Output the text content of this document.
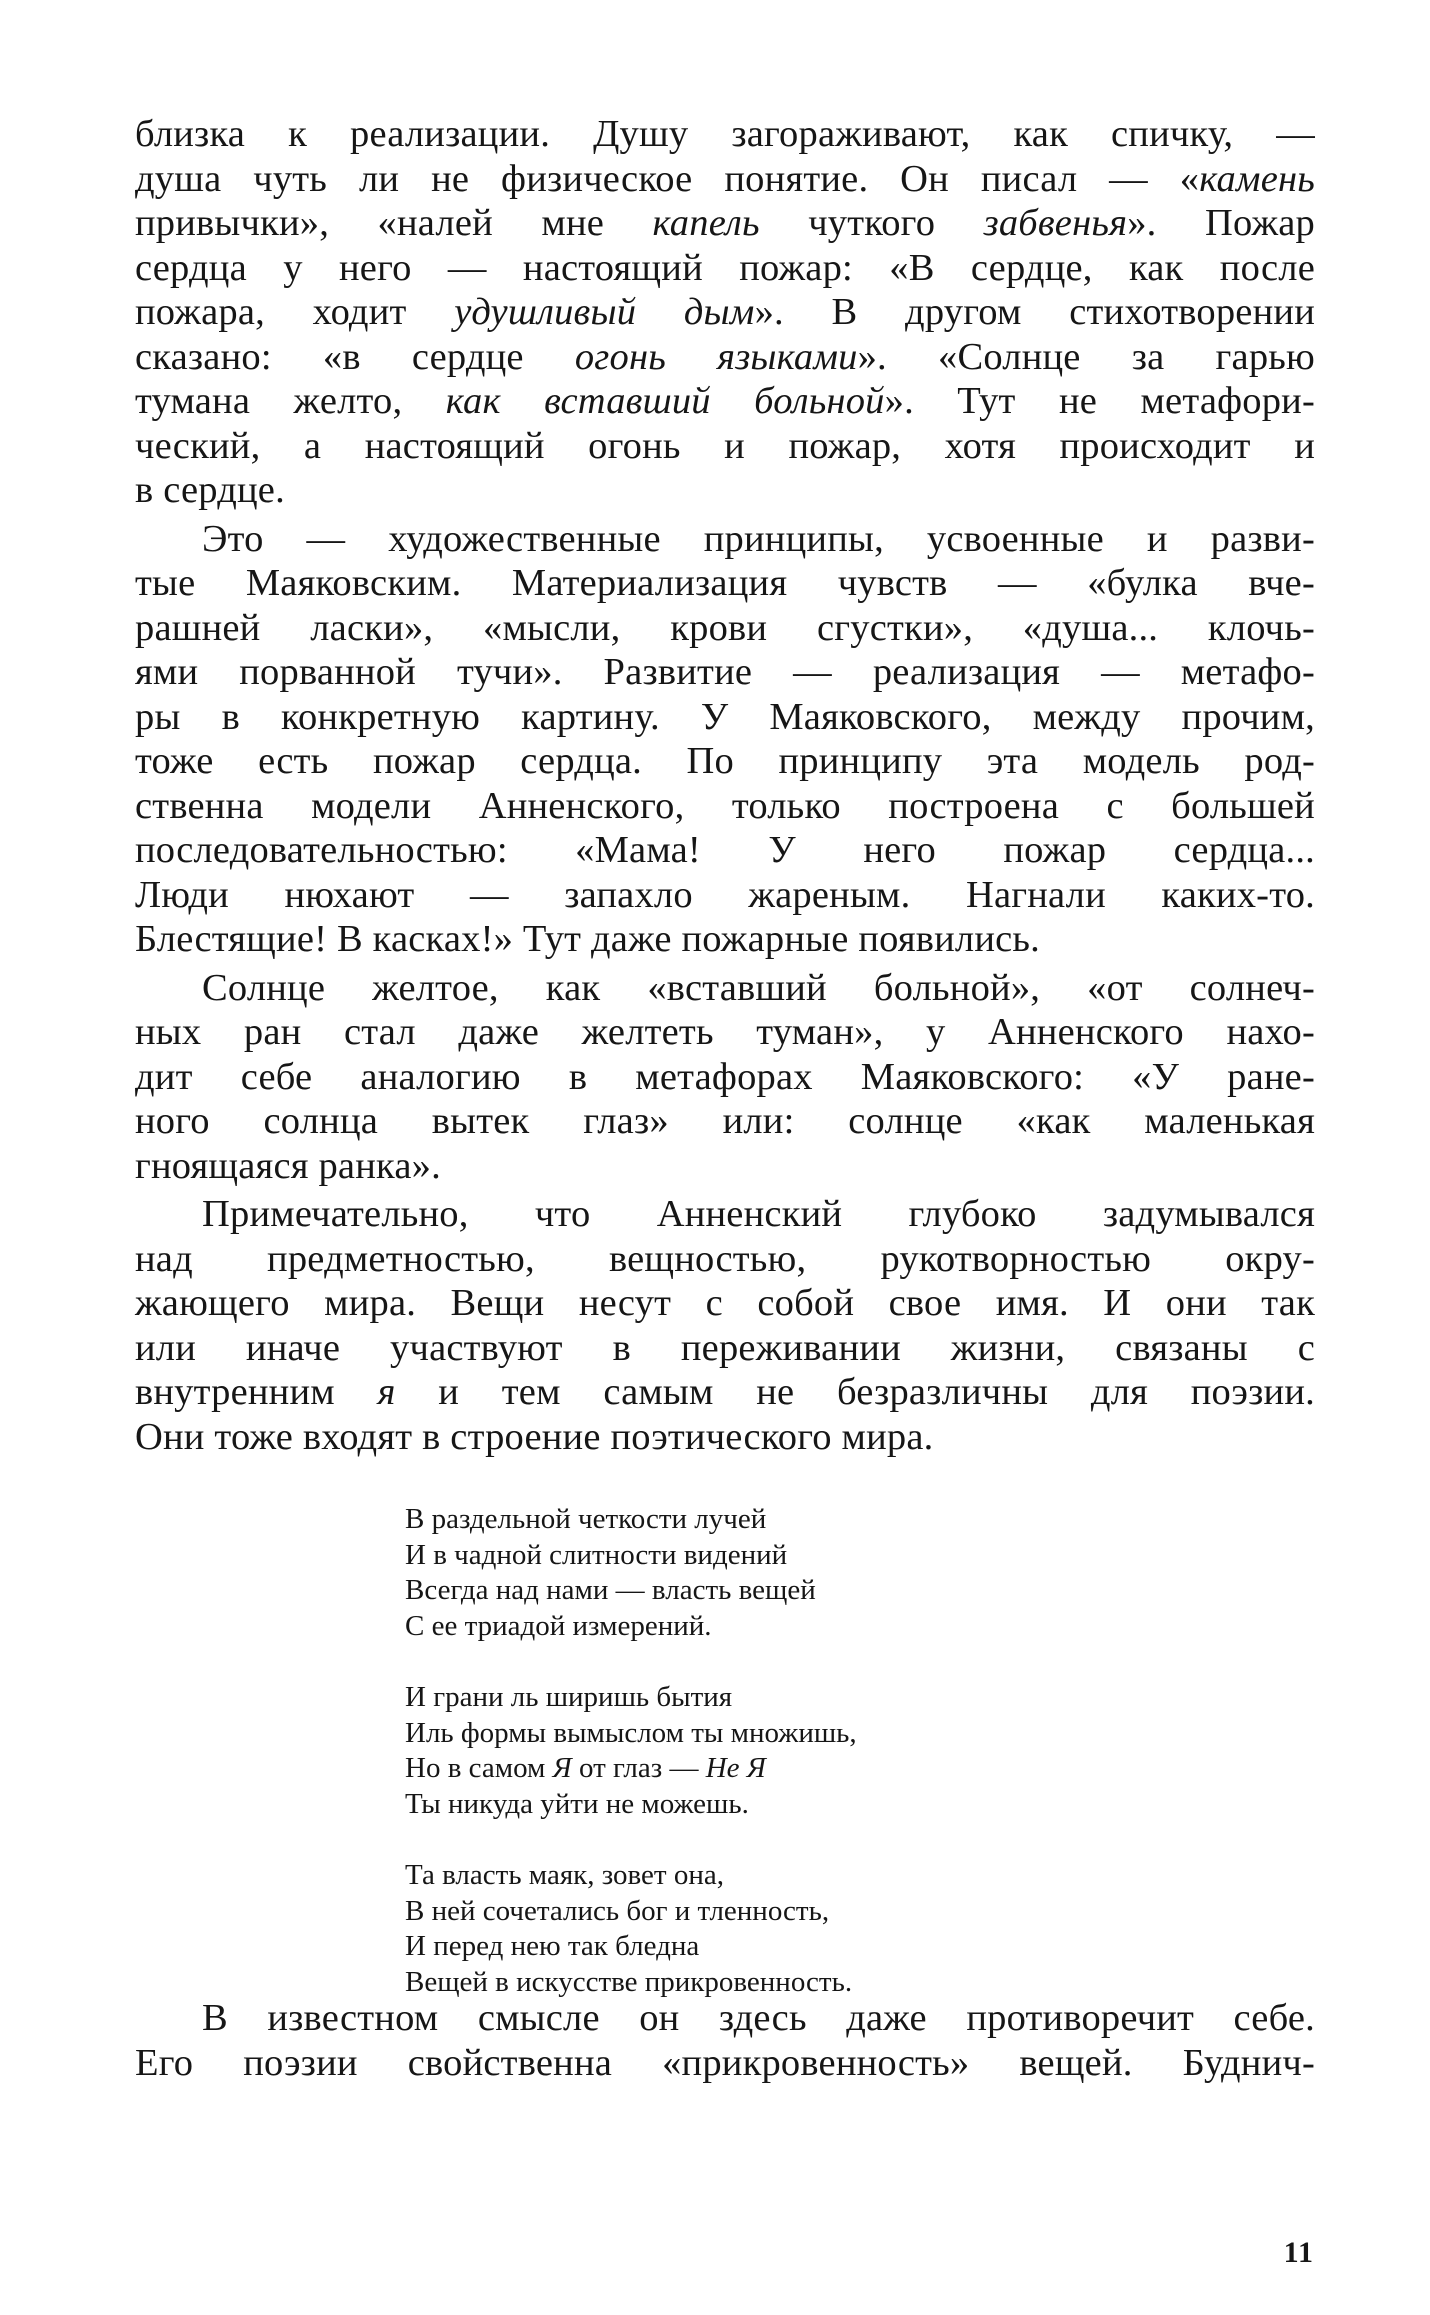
близка к реализации. Душу загораживают, как спичку, —
душа чуть ли не физическое понятие. Он писал — «камень
привычки», «налей мне капель чуткого забвенья». Пожар
сердца у него — настоящий пожар: «В сердце, как после
пожара, ходит удушливый дым». В другом стихотворении
сказано: «в сердце огонь языками». «Солнце за гарью
тумана желто, как вставший больной». Тут не метафори-
ческий, а настоящий огонь и пожар, хотя происходит и
в сердце.
Это — художественные принципы, усвоенные и разви-
тые Маяковским. Материализация чувств — «булка вче-
рашней ласки», «мысли, крови сгустки», «душа... клочь-
ями порванной тучи». Развитие — реализация — метафо-
ры в конкретную картину. У Маяковского, между прочим,
тоже есть пожар сердца. По принципу эта модель род-
ственна модели Анненского, только построена с большей
последовательностью: «Мама! У него пожар сердца...
Люди нюхают — запахло жареным. Нагнали каких-то.
Блестящие! В касках!» Тут даже пожарные появились.
Солнце желтое, как «вставший больной», «от солнеч-
ных ран стал даже желтеть туман», у Анненского нахо-
дит себе аналогию в метафорах Маяковского: «У ране-
ного солнца вытек глаз» или: солнце «как маленькая
гноящаяся ранка».
Примечательно, что Анненский глубоко задумывался
над предметностью, вещностью, рукотворностью окру-
жающего мира. Вещи несут с собой свое имя. И они так
или иначе участвуют в переживании жизни, связаны с
внутренним я и тем самым не безразличны для поэзии.
Они тоже входят в строение поэтического мира.
В раздельной четкости лучей
И в чадной слитности видений
Всегда над нами — власть вещей
С ее триадой измерений.
И грани ль ширишь бытия
Иль формы вымыслом ты множишь,
Но в самом Я от глаз — Не Я
Ты никуда уйти не можешь.
Та власть маяк, зовет она,
В ней сочетались бог и тленность,
И перед нею так бледна
Вещей в искусстве прикровенность.
В известном смысле он здесь даже противоречит себе.
Его поэзии свойственна «прикровенность» вещей. Буднич-
11
